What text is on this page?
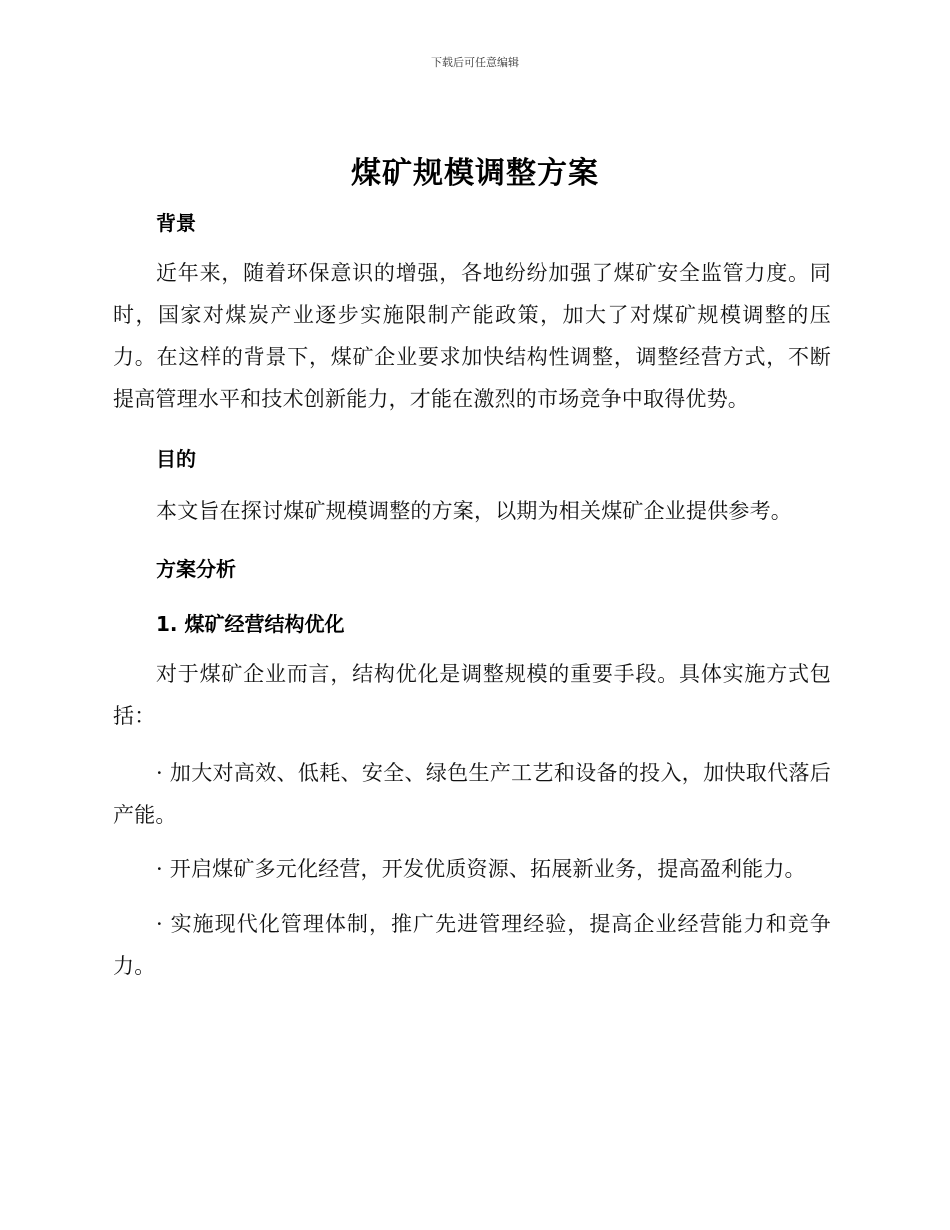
下载后可任意编辑
煤矿规模调整方案
背景
近年来，随着环保意识的增强，各地纷纷加强了煤矿安全监管力度。同时，国家对煤炭产业逐步实施限制产能政策，加大了对煤矿规模调整的压力。在这样的背景下，煤矿企业要求加快结构性调整，调整经营方式，不断提高管理水平和技术创新能力，才能在激烈的市场竞争中取得优势。
目的
本文旨在探讨煤矿规模调整的方案，以期为相关煤矿企业提供参考。
方案分析
1. 煤矿经营结构优化
对于煤矿企业而言，结构优化是调整规模的重要手段。具体实施方式包括：
· 加大对高效、低耗、安全、绿色生产工艺和设备的投入，加快取代落后产能。
· 开启煤矿多元化经营，开发优质资源、拓展新业务，提高盈利能力。
· 实施现代化管理体制，推广先进管理经验，提高企业经营能力和竞争力。
